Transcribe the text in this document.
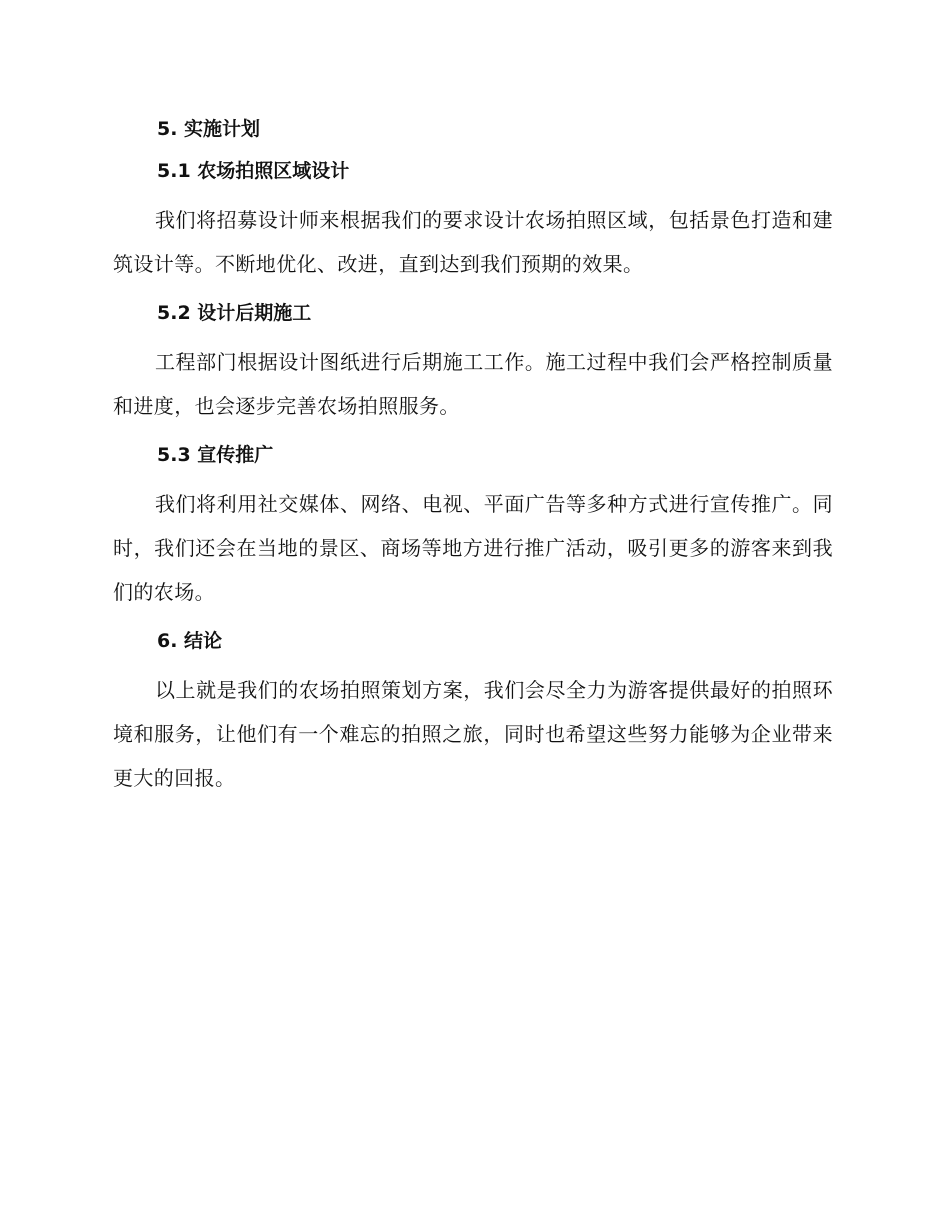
5. 实施计划
5.1 农场拍照区域设计

我们将招募设计师来根据我们的要求设计农场拍照区域，包括景色打造和建筑设计等。不断地优化、改进，直到达到我们预期的效果。

5.2 设计后期施工

工程部门根据设计图纸进行后期施工工作。施工过程中我们会严格控制质量和进度，也会逐步完善农场拍照服务。

5.3 宣传推广

我们将利用社交媒体、网络、电视、平面广告等多种方式进行宣传推广。同时，我们还会在当地的景区、商场等地方进行推广活动，吸引更多的游客来到我们的农场。

6. 结论

以上就是我们的农场拍照策划方案，我们会尽全力为游客提供最好的拍照环境和服务，让他们有一个难忘的拍照之旅，同时也希望这些努力能够为企业带来更大的回报。
